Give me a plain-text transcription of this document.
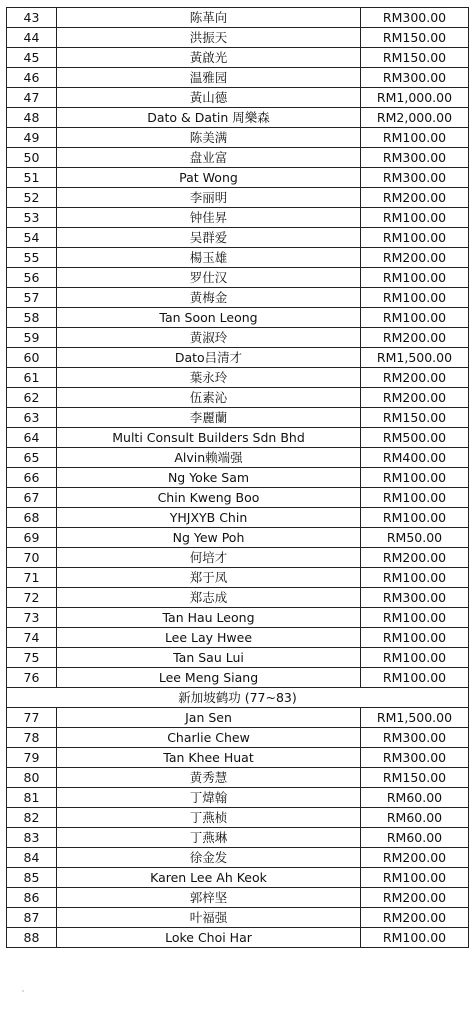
43	陈革向	RM300.00
44	洪振天	RM150.00
45	黃啟光	RM150.00
46	温雅园	RM300.00
47	黃山德	RM1,000.00
48	Dato & Datin 周樂森	RM2,000.00
49	陈美满	RM100.00
50	盘业富	RM300.00
51	Pat Wong	RM300.00
52	李丽明	RM200.00
53	钟佳昇	RM100.00
54	吴群爱	RM100.00
55	楊玉雄	RM200.00
56	罗仕汉	RM100.00
57	黄梅金	RM100.00
58	Tan Soon Leong	RM100.00
59	黄淑玲	RM200.00
60	Dato吕清才	RM1,500.00
61	葉永玲	RM200.00
62	伍素沁	RM200.00
63	李麗蘭	RM150.00
64	Multi Consult Builders Sdn Bhd	RM500.00
65	Alvin赖端强	RM400.00
66	Ng Yoke Sam	RM100.00
67	Chin Kweng Boo	RM100.00
68	YHJXYB Chin	RM100.00
69	Ng Yew Poh	RM50.00
70	何培才	RM200.00
71	郑于凤	RM100.00
72	郑志成	RM300.00
73	Tan Hau Leong	RM100.00
74	Lee Lay Hwee	RM100.00
75	Tan Sau Lui	RM100.00
76	Lee Meng Siang	RM100.00
新加坡鹤功 (77~83)		
77	Jan Sen	RM1,500.00
78	Charlie Chew	RM300.00
79	Tan Khee Huat	RM300.00
80	黄秀慧	RM150.00
81	丁煒翰	RM60.00
82	丁燕桢	RM60.00
83	丁燕琳	RM60.00
84	徐金发	RM200.00
85	Karen Lee Ah Keok	RM100.00
86	郭梓坚	RM200.00
87	叶福强	RM200.00
88	Loke Choi Har	RM100.00
